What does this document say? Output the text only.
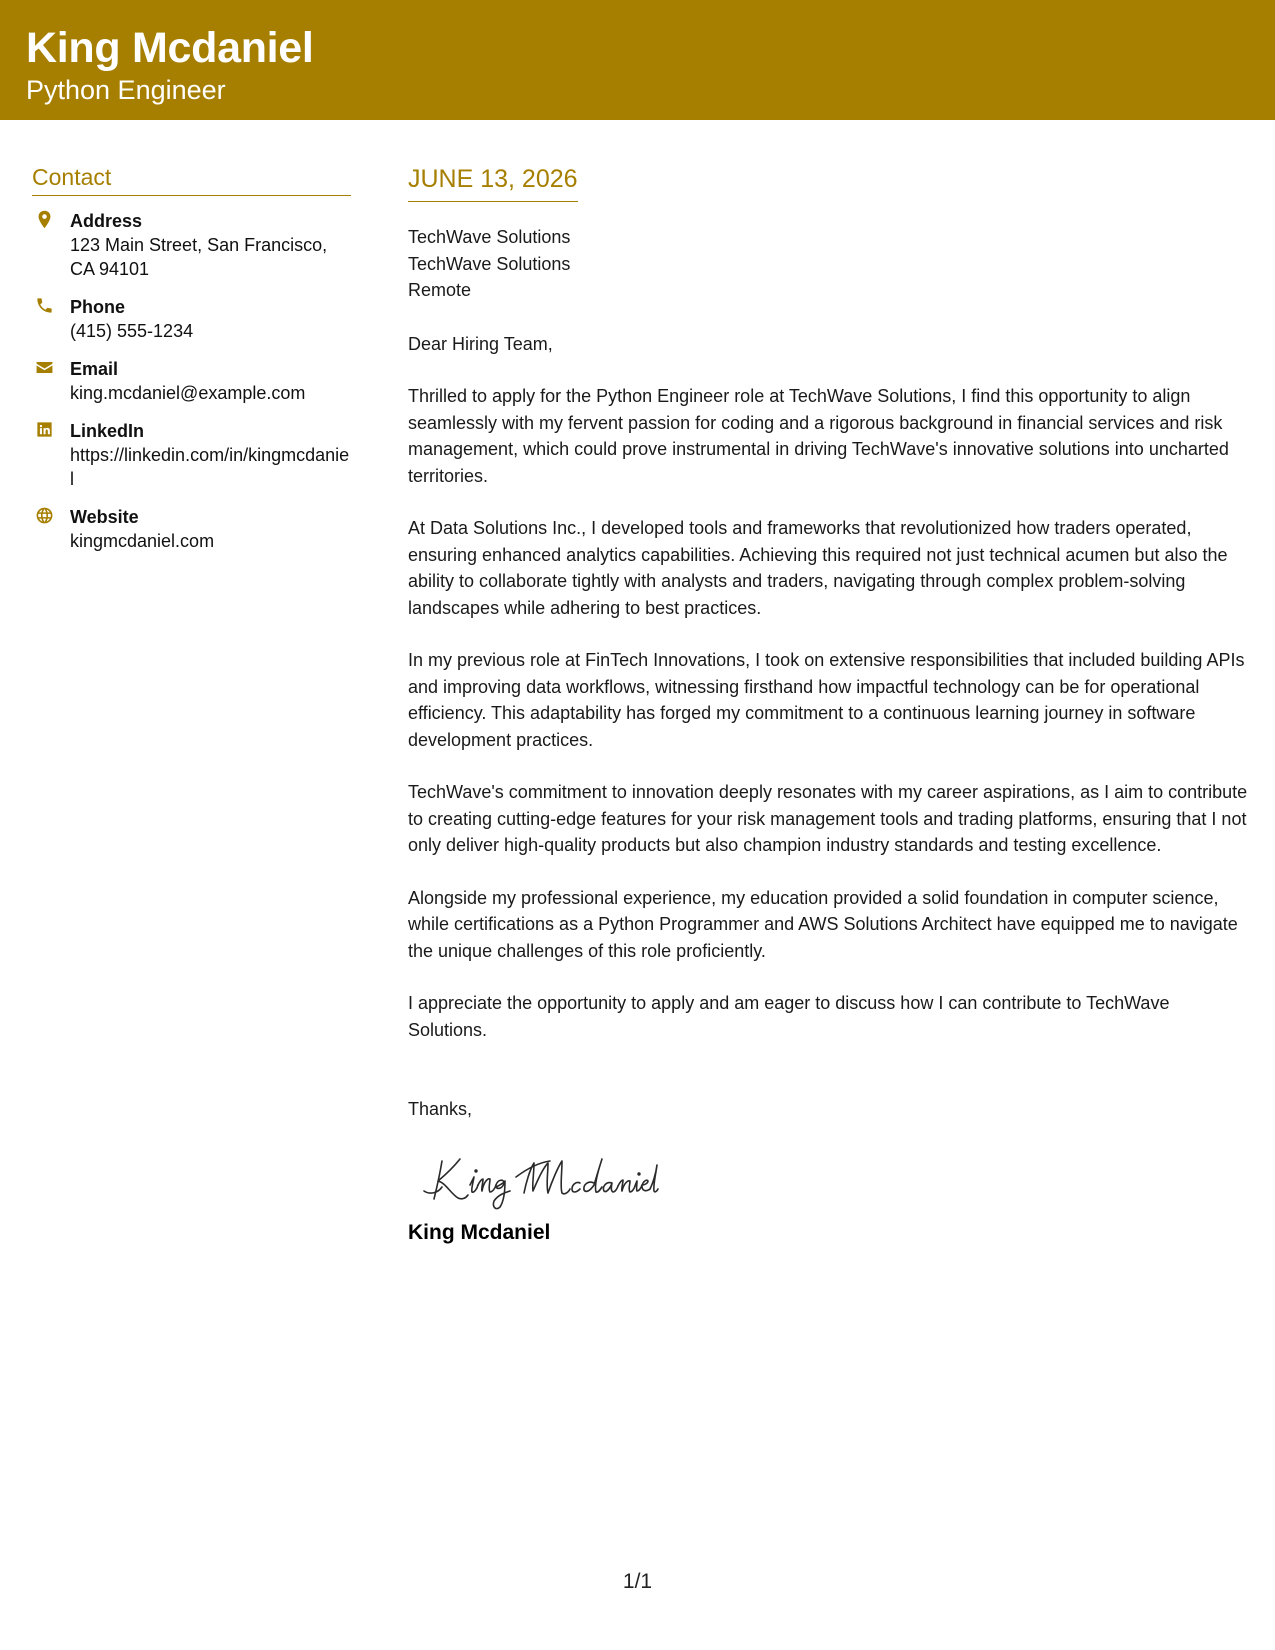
King Mcdaniel
Python Engineer
Contact
Address
123 Main Street, San Francisco, CA 94101
Phone
(415) 555-1234
Email
king.mcdaniel@example.com
LinkedIn
https://linkedin.com/in/kingmcdaniel
Website
kingmcdaniel.com
JUNE 13, 2026
TechWave Solutions
TechWave Solutions
Remote
Dear Hiring Team,
Thrilled to apply for the Python Engineer role at TechWave Solutions, I find this opportunity to align seamlessly with my fervent passion for coding and a rigorous background in financial services and risk management, which could prove instrumental in driving TechWave's innovative solutions into uncharted territories.
At Data Solutions Inc., I developed tools and frameworks that revolutionized how traders operated, ensuring enhanced analytics capabilities. Achieving this required not just technical acumen but also the ability to collaborate tightly with analysts and traders, navigating through complex problem-solving landscapes while adhering to best practices.
In my previous role at FinTech Innovations, I took on extensive responsibilities that included building APIs and improving data workflows, witnessing firsthand how impactful technology can be for operational efficiency. This adaptability has forged my commitment to a continuous learning journey in software development practices.
TechWave's commitment to innovation deeply resonates with my career aspirations, as I aim to contribute to creating cutting-edge features for your risk management tools and trading platforms, ensuring that I not only deliver high-quality products but also champion industry standards and testing excellence.
Alongside my professional experience, my education provided a solid foundation in computer science, while certifications as a Python Programmer and AWS Solutions Architect have equipped me to navigate the unique challenges of this role proficiently.
I appreciate the opportunity to apply and am eager to discuss how I can contribute to TechWave Solutions.
Thanks,
King Mcdaniel
1/1
